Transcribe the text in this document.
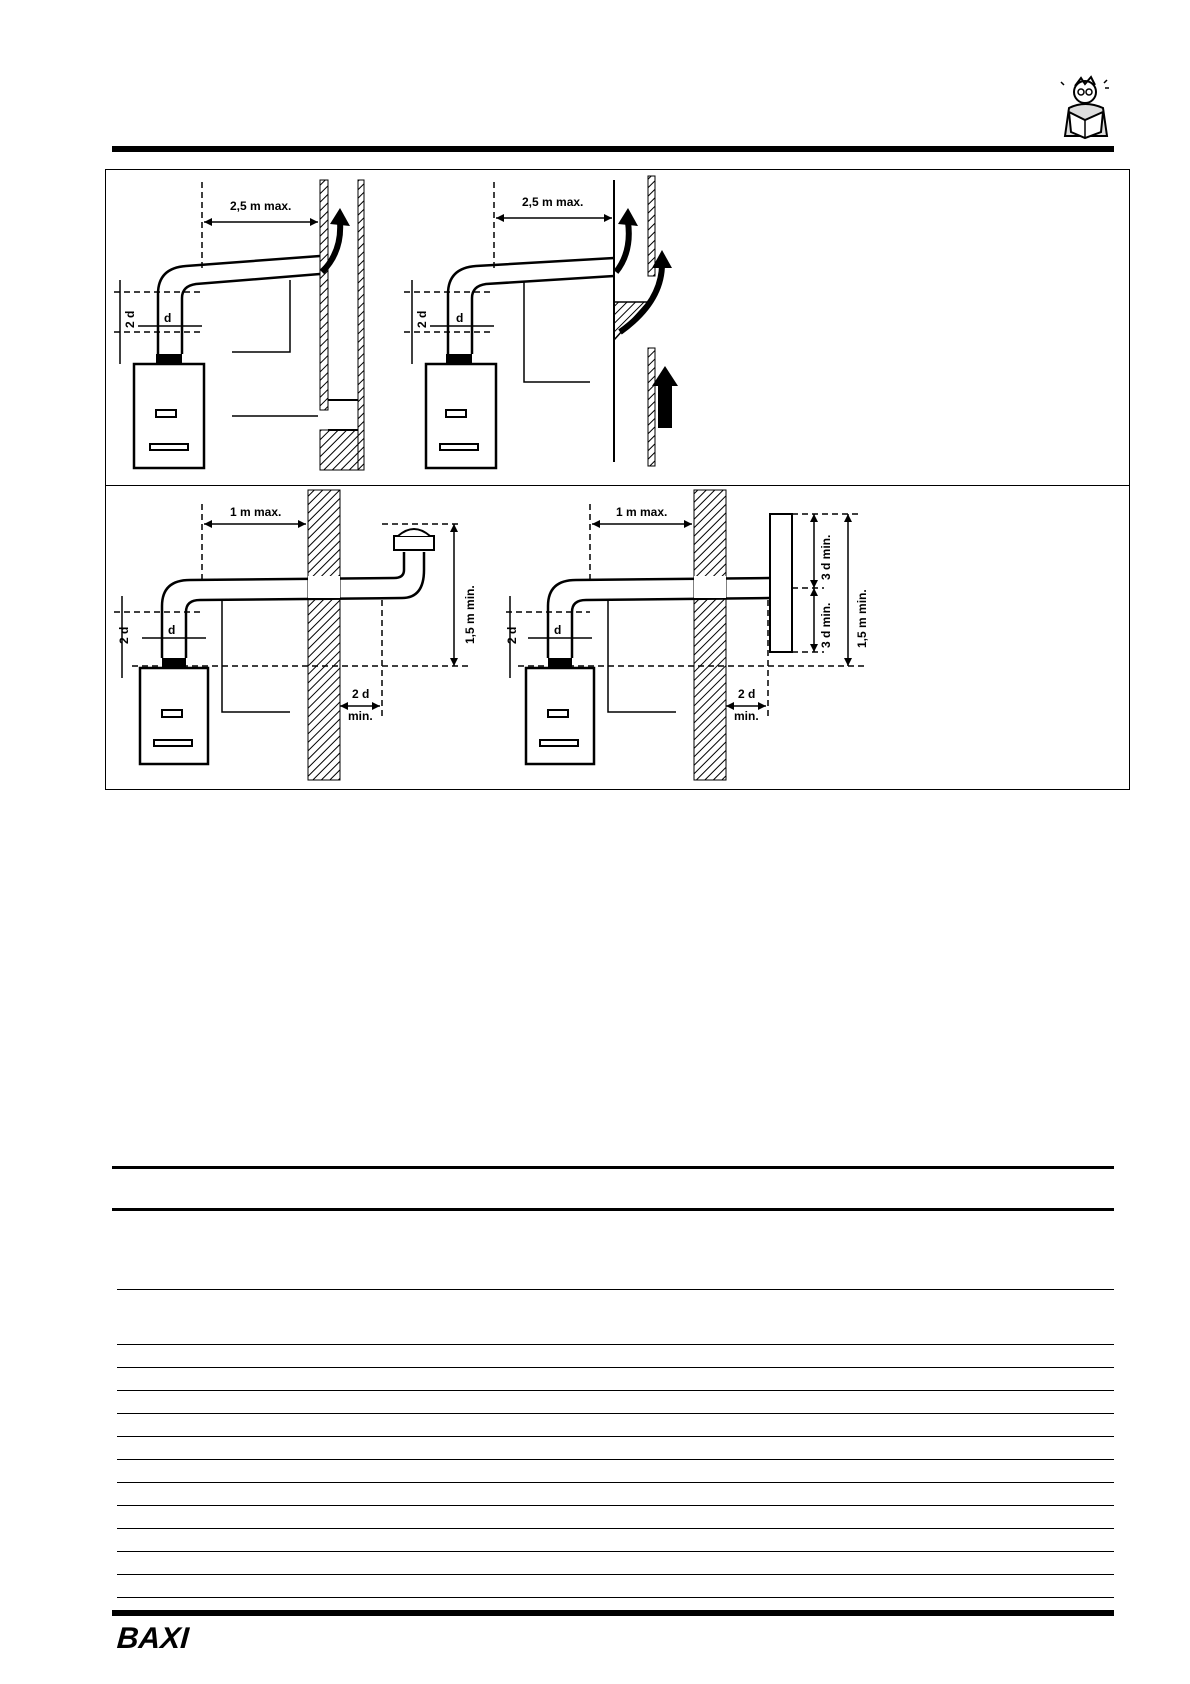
2,5 m max.
2 d d
2,5 m max.
2 d d
1 m max.
1,5 m min.
2 d	d
2 d
min.
1 m max.
3 d min.
3 d min. 1,5 m min.
2 d	d
2 d
min.
BAXI
